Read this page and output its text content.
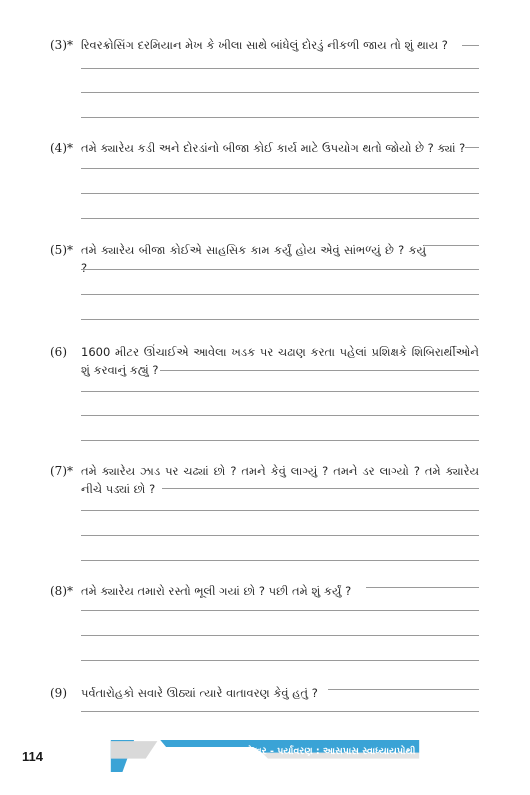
(3)* રિવરક્રોસિંગ દરમિયાન મેખ કે ખીલા સાથે બાંધેલું દોરડું નીકળી જાય તો શું થાય ?
(4)* તમે ક્યારેય કડી અને દોરડાંનો બીજા કોઈ કાર્ય માટે ઉપયોગ થતો જોયો છે ? ક્યાં ?
(5)* તમે ક્યારેય બીજા કોઈએ સાહસિક કામ કર્યું હોય એવું સાંભળ્યું છે ? કયું ?
(6) 1600 મીટર ઊંચાઈએ આવેલા ખડક પર ચઢાણ કરતા પહેલાં પ્રશિક્ષકે શિબિરાર્થીઓને શું કરવાનું કહ્યું ?
(7)* તમે ક્યારેય ઝાડ પર ચઢ્યાં છો ? તમને કેવું લાગ્યું ? તમને ડર લાગ્યો ? તમે ક્યારેય નીચે પડ્યાં છો ?
(8)* તમે ક્યારેય તમારો રસ્તો ભૂલી ગયાં છો ? પછી તમે શું કર્યું ?
(9) પર્વતારોહકો સવારે ઊઠ્યાં ત્યારે વાતાવરણ કેવું હતું ?
114	અનેકાર - પર્યાવરણ : આસપાસ સ્વાધ્યાયપોથી (ભાગ-1) ધોરણ-5
